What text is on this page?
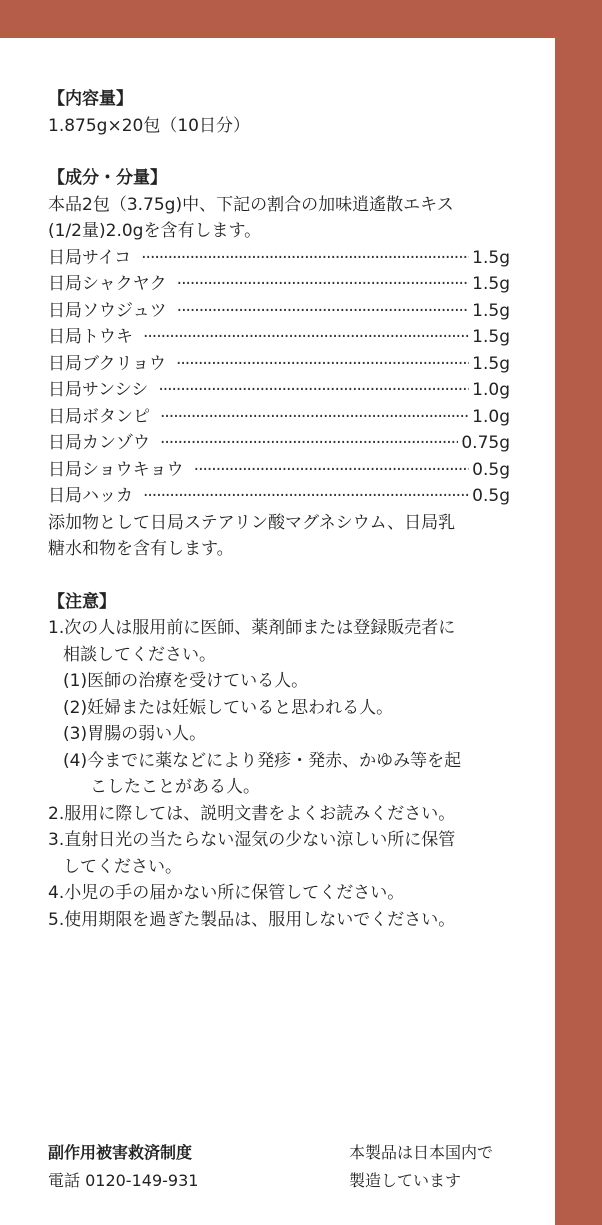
【内容量】
1.875g×20包（10日分）
【成分・分量】
本品2包（3.75g)中、下記の割合の加味逍遙散エキス
(1/2量)2.0gを含有します。
日局サイコ ·····	1.5g
日局シャクヤク ·····	1.5g
日局ソウジュツ ·····	1.5g
日局トウキ ·····	1.5g
日局ブクリョウ ·····	1.5g
日局サンシシ ·····	1.0g
日局ボタンピ ·····	1.0g
日局カンゾウ ·····	0.75g
日局ショウキョウ ·····	0.5g
日局ハッカ ·····	0.5g
添加物として日局ステアリン酸マグネシウム、日局乳
糖水和物を含有します。
【注意】
1.次の人は服用前に医師、薬剤師または登録販売者に
相談してください。
(1)医師の治療を受けている人。
(2)妊婦または妊娠していると思われる人。
(3)胃腸の弱い人。
(4)今までに薬などにより発疹・発赤、かゆみ等を起
こしたことがある人。
2.服用に際しては、説明文書をよくお読みください。
3.直射日光の当たらない湿気の少ない涼しい所に保管
してください。
4.小児の手の届かない所に保管してください。
5.使用期限を過ぎた製品は、服用しないでください。
副作用被害救済制度
電話 0120-149-931
本製品は日本国内で
製造しています
